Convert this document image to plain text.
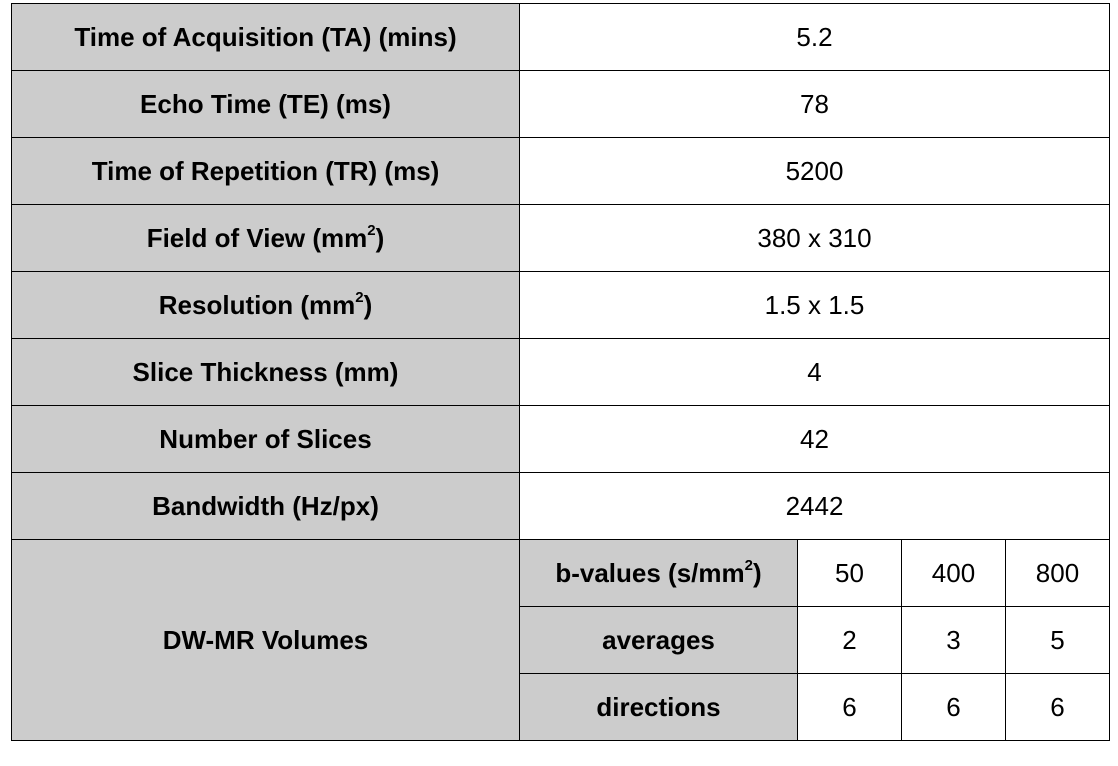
Time of Acquisition (TA) (mins)	5.2			
Echo Time (TE) (ms)	78			
Time of Repetition (TR) (ms)	5200			
Field of View $(mm^2)$	380 x 310			
Resolution $(mm^2)$	1.5 x 1.5			
Slice Thickness (mm)	4			
Number of Slices	42			
Bandwidth (Hz/px)	2442			
DW-MR Volumes	b-values $(s/mm^2)$	50	400	800
	averages	2	3	5
	directions	6	6	6
